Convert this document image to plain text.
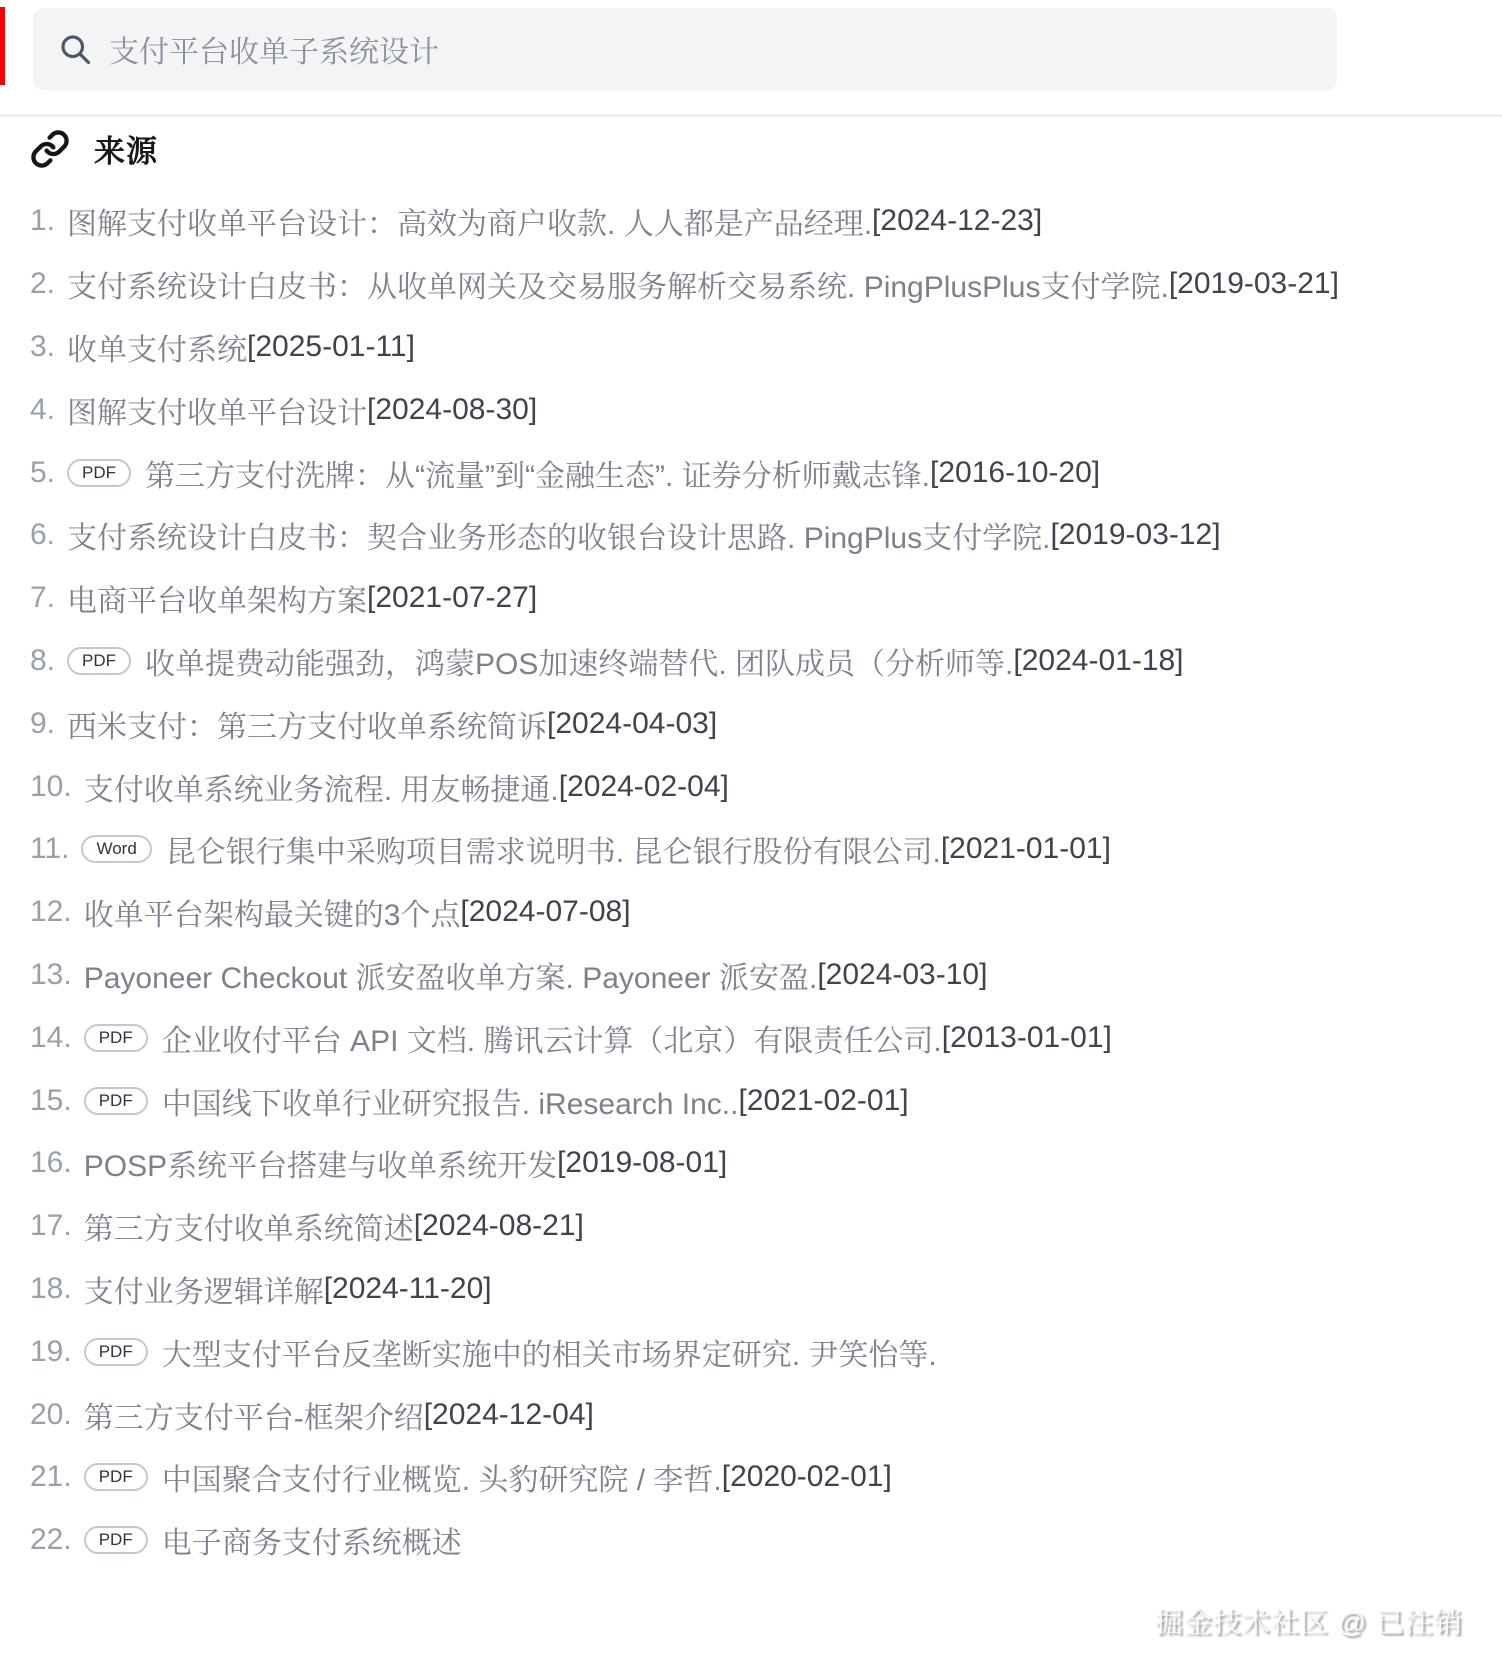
支付平台收单子系统设计
来源
1. 图解支付收单平台设计：高效为商户收款. 人人都是产品经理. [2024-12-23]
2. 支付系统设计白皮书：从收单网关及交易服务解析交易系统. PingPlusPlus支付学院. [2019-03-21]
3. 收单支付系统 [2025-01-11]
4. 图解支付收单平台设计 [2024-08-30]
5.	PDF 第三方支付洗牌：从“流量”到“金融生态”. 证券分析师戴志锋. [2016-10-20]
6. 支付系统设计白皮书：契合业务形态的收银台设计思路. PingPlus支付学院. [2019-03-12]
7. 电商平台收单架构方案 [2021-07-27]
8.	PDF 收单提费动能强劲，鸿蒙POS加速终端替代. 团队成员（分析师等. [2024-01-18]
9. 西米支付：第三方支付收单系统简诉 [2024-04-03]
10. 支付收单系统业务流程. 用友畅捷通. [2024-02-04]
11.	Word 昆仑银行集中采购项目需求说明书. 昆仑银行股份有限公司. [2021-01-01]
12. 收单平台架构最关键的3个点 [2024-07-08]
13. Payoneer Checkout 派安盈收单方案. Payoneer 派安盈. [2024-03-10]
14.	PDF 企业收付平台 API 文档. 腾讯云计算（北京）有限责任公司. [2013-01-01]
15.	PDF 中国线下收单行业研究报告. iResearch Inc.. [2021-02-01]
16. POSP系统平台搭建与收单系统开发 [2019-08-01]
17. 第三方支付收单系统简述 [2024-08-21]
18. 支付业务逻辑详解 [2024-11-20]
19.	PDF 大型支付平台反垄断实施中的相关市场界定研究. 尹笑怡等.
20. 第三方支付平台-框架介绍 [2024-12-04]
21.	PDF 中国聚合支付行业概览. 头豹研究院 / 李哲. [2020-02-01]
22.	PDF 电子商务支付系统概述
掘金技术社区 @ 已注销
